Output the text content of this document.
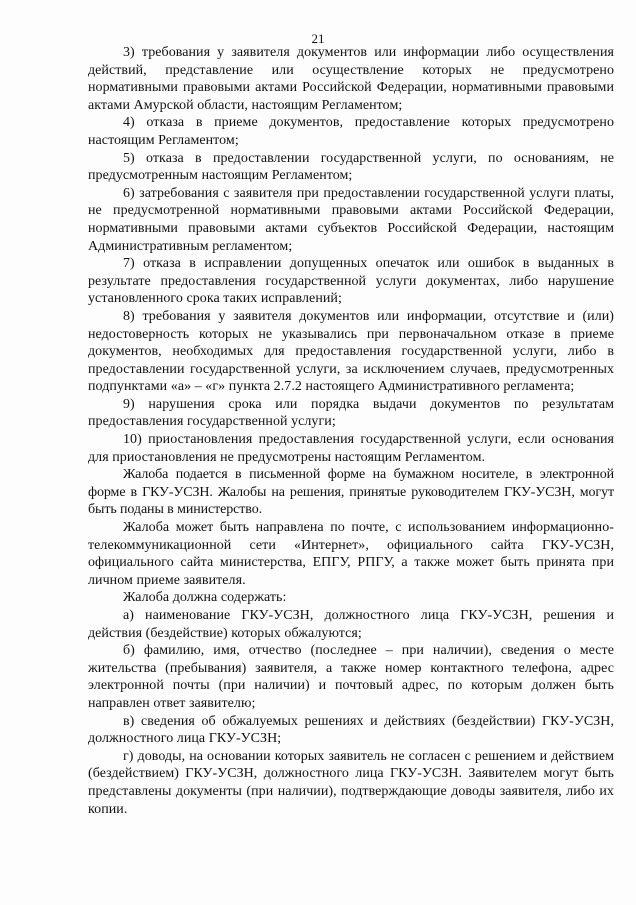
21

3) требования у заявителя документов или информации либо осуществления действий, представление или осуществление которых не предусмотрено нормативными правовыми актами Российской Федерации, нормативными правовыми актами Амурской области, настоящим Регламентом;

4) отказа в приеме документов, предоставление которых предусмотрено настоящим Регламентом;

5) отказа в предоставлении государственной услуги, по основаниям, не предусмотренным настоящим Регламентом;

6) затребования с заявителя при предоставлении государственной услуги платы, не предусмотренной нормативными правовыми актами Российской Федерации, нормативными правовыми актами субъектов Российской Федерации, настоящим Административным регламентом;

7) отказа в исправлении допущенных опечаток или ошибок в выданных в результате предоставления государственной услуги документах, либо нарушение установленного срока таких исправлений;

8) требования у заявителя документов или информации, отсутствие и (или) недостоверность которых не указывались при первоначальном отказе в приеме документов, необходимых для предоставления государственной услуги, либо в предоставлении государственной услуги, за исключением случаев, предусмотренных подпунктами «а» – «г» пункта 2.7.2 настоящего Административного регламента;

9) нарушения срока или порядка выдачи документов по результатам предоставления государственной услуги;

10) приостановления предоставления государственной услуги, если основания для приостановления не предусмотрены настоящим Регламентом.

Жалоба подается в письменной форме на бумажном носителе, в электронной форме в ГКУ-УСЗН. Жалобы на решения, принятые руководителем ГКУ-УСЗН, могут быть поданы в министерство.

Жалоба может быть направлена по почте, с использованием информационно-телекоммуникационной сети «Интернет», официального сайта ГКУ-УСЗН, официального сайта министерства, ЕПГУ, РПГУ, а также может быть принята при личном приеме заявителя.

Жалоба должна содержать:

а) наименование ГКУ-УСЗН, должностного лица ГКУ-УСЗН, решения и действия (бездействие) которых обжалуются;

б) фамилию, имя, отчество (последнее – при наличии), сведения о месте жительства (пребывания) заявителя, а также номер контактного телефона, адрес электронной почты (при наличии) и почтовый адрес, по которым должен быть направлен ответ заявителю;

в) сведения об обжалуемых решениях и действиях (бездействии) ГКУ-УСЗН, должностного лица ГКУ-УСЗН;

г) доводы, на основании которых заявитель не согласен с решением и действием (бездействием) ГКУ-УСЗН, должностного лица ГКУ-УСЗН. Заявителем могут быть представлены документы (при наличии), подтверждающие доводы заявителя, либо их копии.
